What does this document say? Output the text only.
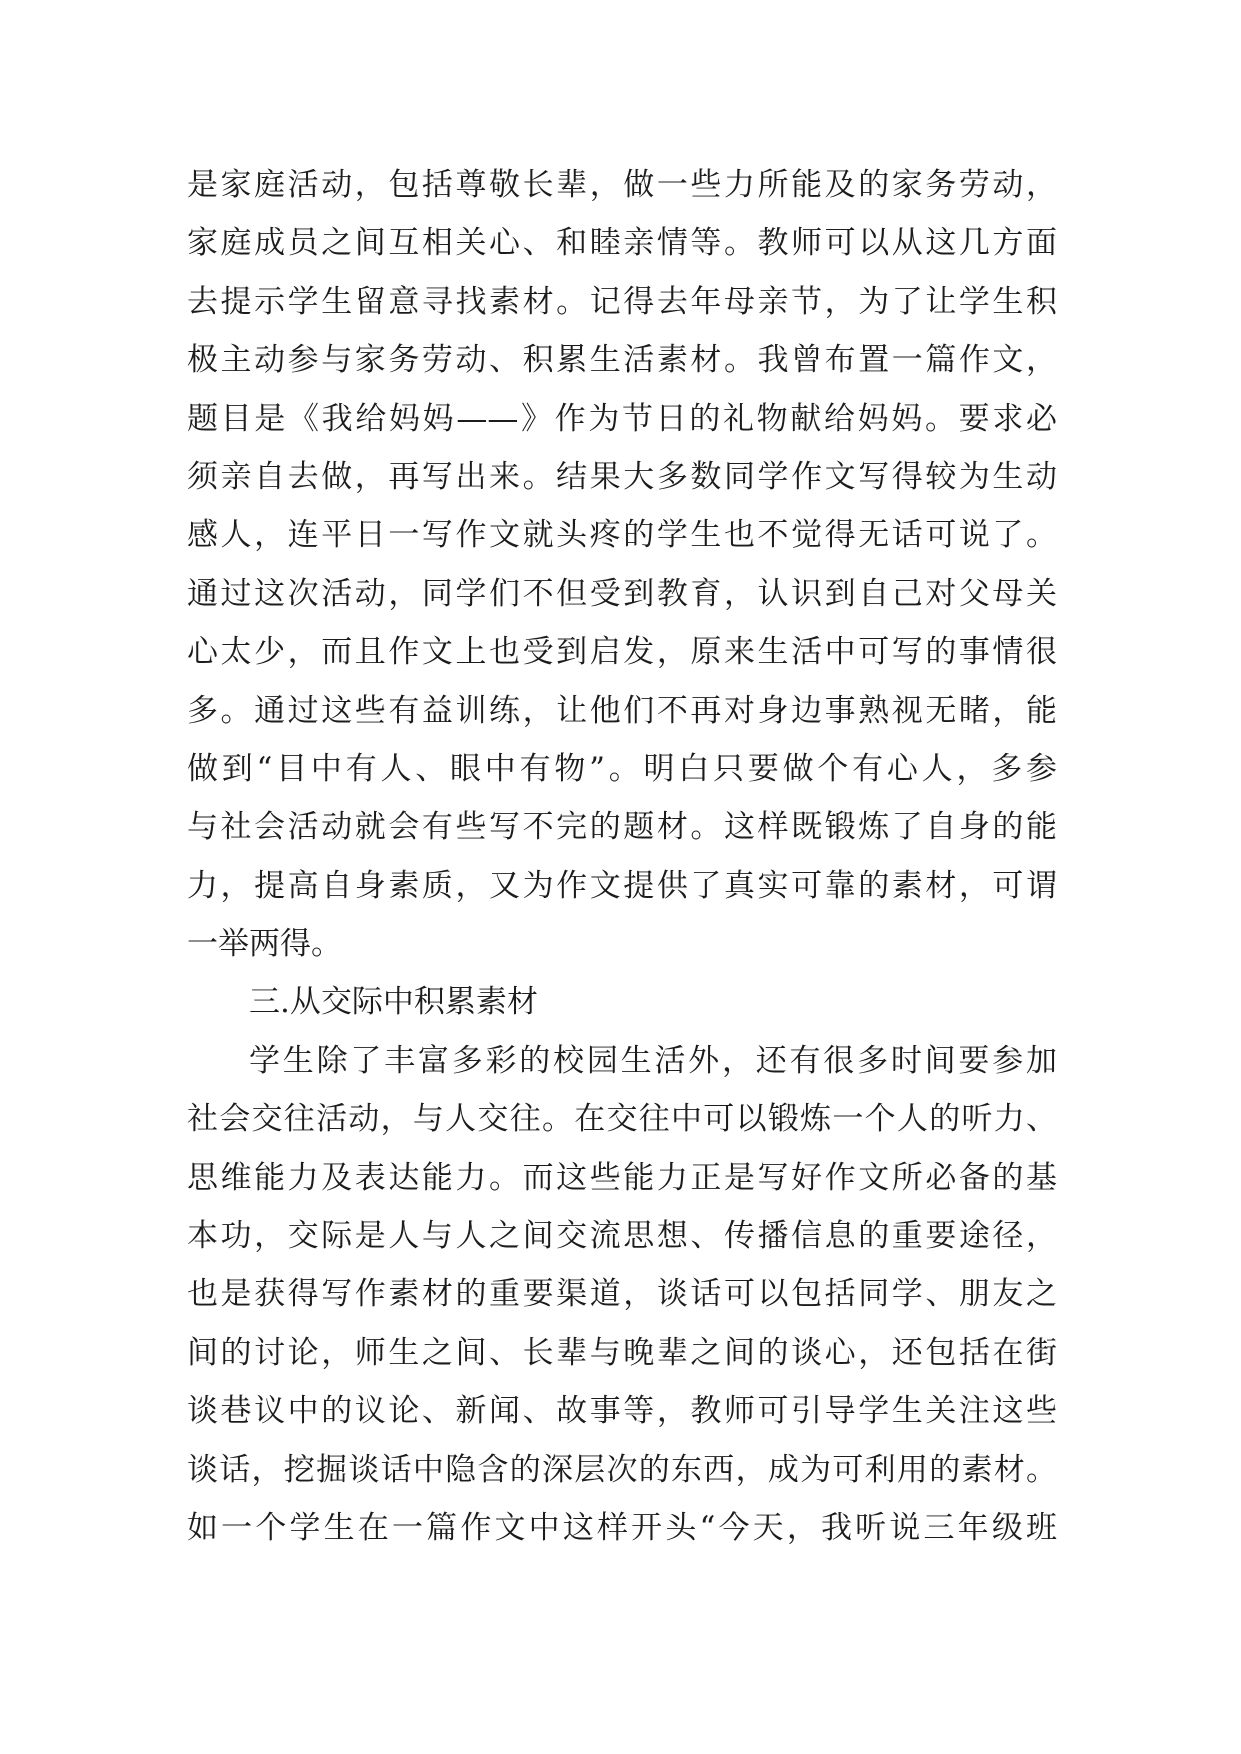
是家庭活动，包括尊敬长辈，做一些力所能及的家务劳动，
家庭成员之间互相关心、和睦亲情等。教师可以从这几方面
去提示学生留意寻找素材。记得去年母亲节，为了让学生积
极主动参与家务劳动、积累生活素材。我曾布置一篇作文，
题目是《我给妈妈——》作为节日的礼物献给妈妈。要求必
须亲自去做，再写出来。结果大多数同学作文写得较为生动
感人，连平日一写作文就头疼的学生也不觉得无话可说了。
通过这次活动，同学们不但受到教育，认识到自己对父母关
心太少，而且作文上也受到启发，原来生活中可写的事情很
多。通过这些有益训练，让他们不再对身边事熟视无睹，能
做到“目中有人、眼中有物”。明白只要做个有心人，多参
与社会活动就会有些写不完的题材。这样既锻炼了自身的能
力，提高自身素质，又为作文提供了真实可靠的素材，可谓
一举两得。
三.从交际中积累素材
学生除了丰富多彩的校园生活外，还有很多时间要参加
社会交往活动，与人交往。在交往中可以锻炼一个人的听力、
思维能力及表达能力。而这些能力正是写好作文所必备的基
本功，交际是人与人之间交流思想、传播信息的重要途径，
也是获得写作素材的重要渠道，谈话可以包括同学、朋友之
间的讨论，师生之间、长辈与晚辈之间的谈心，还包括在街
谈巷议中的议论、新闻、故事等，教师可引导学生关注这些
谈话，挖掘谈话中隐含的深层次的东西，成为可利用的素材。
如一个学生在一篇作文中这样开头“今天，我听说三年级班
